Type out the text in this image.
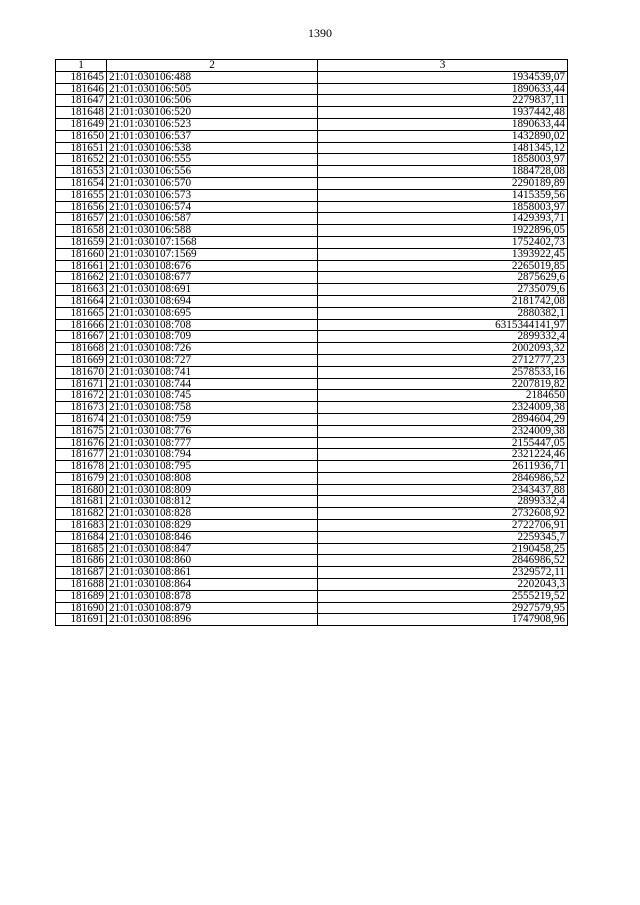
1390
1	2	3
181645	21:01:030106:488	1934539,07
181646	21:01:030106:505	1890633,44
181647	21:01:030106:506	2279837,11
181648	21:01:030106:520	1937442,48
181649	21:01:030106:523	1890633,44
181650	21:01:030106:537	1432890,02
181651	21:01:030106:538	1481345,12
181652	21:01:030106:555	1858003,97
181653	21:01:030106:556	1884728,08
181654	21:01:030106:570	2290189,89
181655	21:01:030106:573	1415359,56
181656	21:01:030106:574	1858003,97
181657	21:01:030106:587	1429393,71
181658	21:01:030106:588	1922896,05
181659	21:01:030107:1568	1752402,73
181660	21:01:030107:1569	1393922,45
181661	21:01:030108:676	2265019,85
181662	21:01:030108:677	2875629,6
181663	21:01:030108:691	2735079,6
181664	21:01:030108:694	2181742,08
181665	21:01:030108:695	2880382,1
181666	21:01:030108:708	6315344141,97
181667	21:01:030108:709	2899332,4
181668	21:01:030108:726	2002093,32
181669	21:01:030108:727	2712777,23
181670	21:01:030108:741	2578533,16
181671	21:01:030108:744	2207819,82
181672	21:01:030108:745	2184650
181673	21:01:030108:758	2324009,38
181674	21:01:030108:759	2894604,29
181675	21:01:030108:776	2324009,38
181676	21:01:030108:777	2155447,05
181677	21:01:030108:794	2321224,46
181678	21:01:030108:795	2611936,71
181679	21:01:030108:808	2846986,52
181680	21:01:030108:809	2343437,88
181681	21:01:030108:812	2899332,4
181682	21:01:030108:828	2732608,92
181683	21:01:030108:829	2722706,91
181684	21:01:030108:846	2259345,7
181685	21:01:030108:847	2190458,25
181686	21:01:030108:860	2846986,52
181687	21:01:030108:861	2329572,11
181688	21:01:030108:864	2202043,3
181689	21:01:030108:878	2555219,52
181690	21:01:030108:879	2927579,95
181691	21:01:030108:896	1747908,96
